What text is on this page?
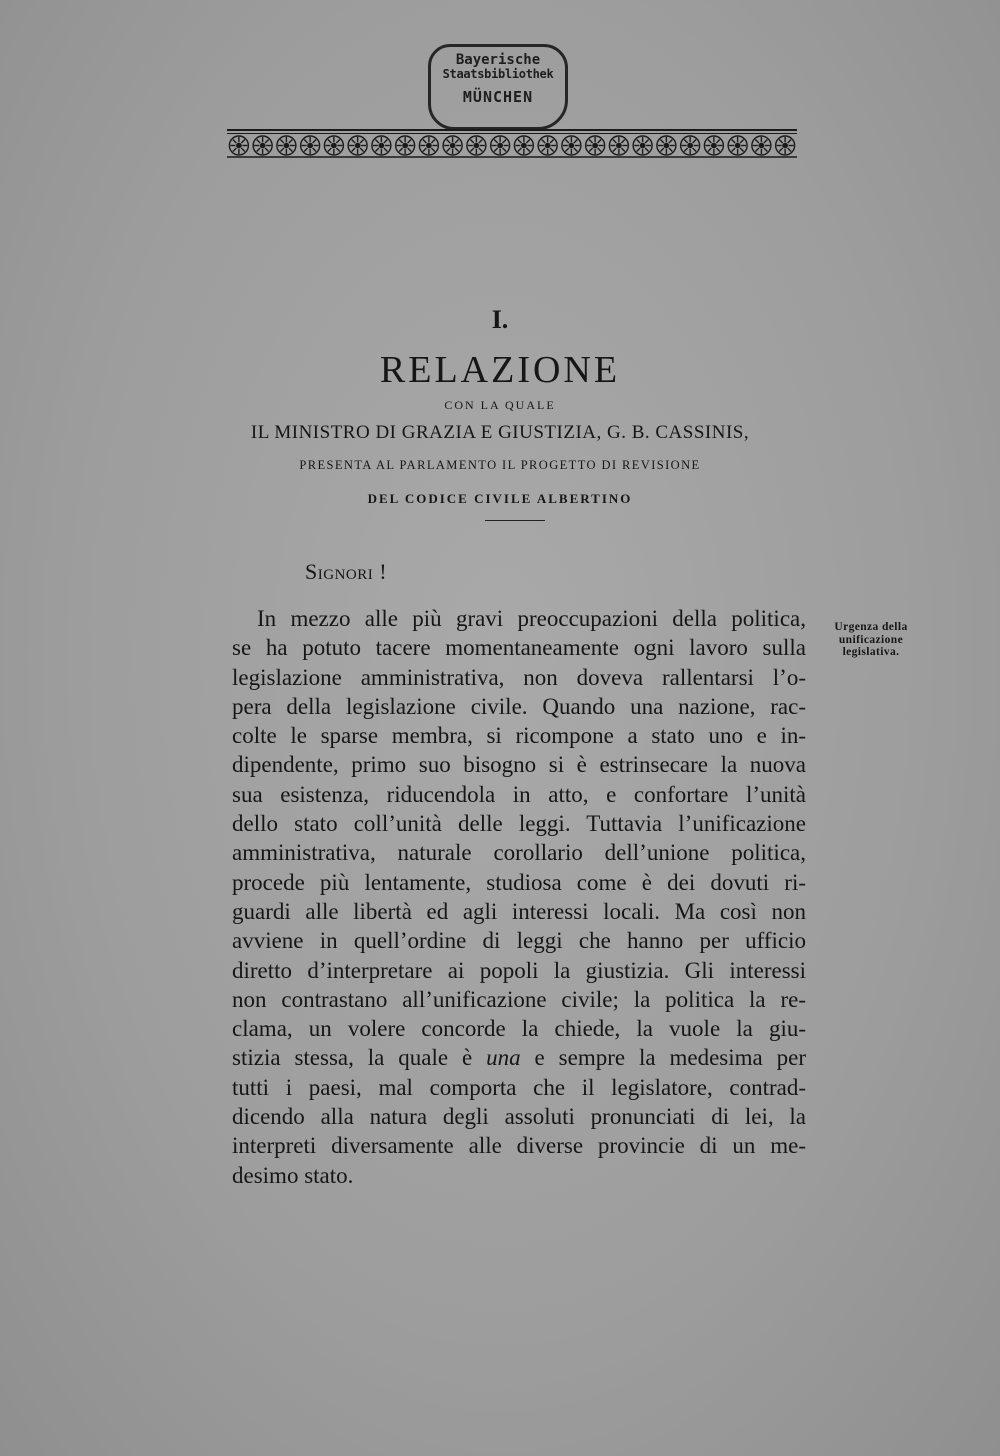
Bayerische
Staatsbibliothek
MÜNCHEN
I.
RELAZIONE
CON LA QUALE
IL MINISTRO DI GRAZIA E GIUSTIZIA, G. B. CASSINIS,
PRESENTA AL PARLAMENTO IL PROGETTO DI REVISIONE
DEL CODICE CIVILE ALBERTINO
Signori !
Urgenza della
unificazione
legislativa.
In mezzo alle più gravi preoccupazioni della politica,
se ha potuto tacere momentaneamente ogni lavoro sulla
legislazione amministrativa, non doveva rallentarsi l’o-
pera della legislazione civile. Quando una nazione, rac-
colte le sparse membra, si ricompone a stato uno e in-
dipendente, primo suo bisogno si è estrinsecare la nuova
sua esistenza, riducendola in atto, e confortare l’unità
dello stato coll’unità delle leggi. Tuttavia l’unificazione
amministrativa, naturale corollario dell’unione politica,
procede più lentamente, studiosa come è dei dovuti ri-
guardi alle libertà ed agli interessi locali. Ma così non
avviene in quell’ordine di leggi che hanno per ufficio
diretto d’interpretare ai popoli la giustizia. Gli interessi
non contrastano all’unificazione civile; la politica la re-
clama, un volere concorde la chiede, la vuole la giu-
stizia stessa, la quale è una e sempre la medesima per
tutti i paesi, mal comporta che il legislatore, contrad-
dicendo alla natura degli assoluti pronunciati di lei, la
interpreti diversamente alle diverse provincie di un me-
desimo stato.
